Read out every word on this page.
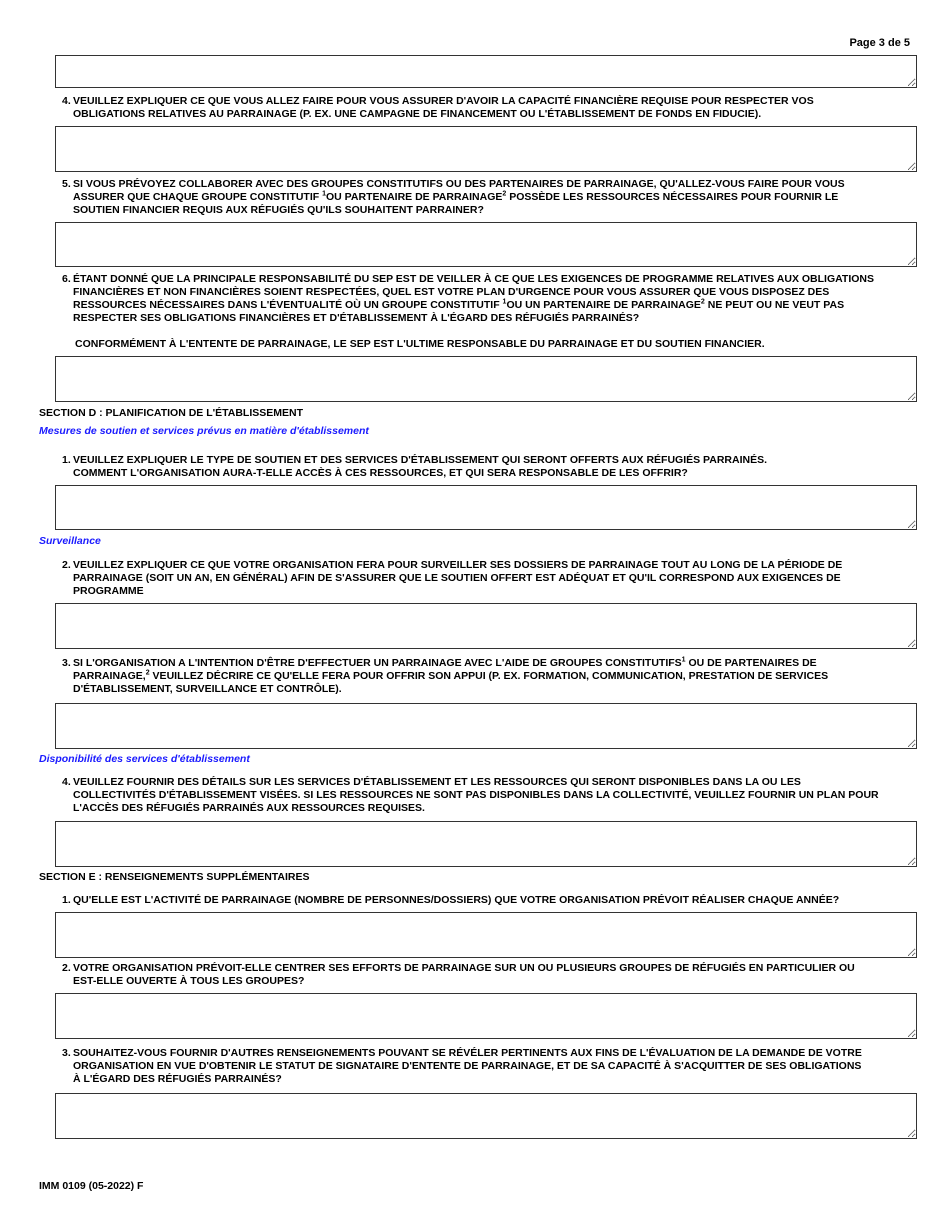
Page 3 de 5
4. VEUILLEZ EXPLIQUER CE QUE VOUS ALLEZ FAIRE POUR VOUS ASSURER D'AVOIR LA CAPACITÉ FINANCIÈRE REQUISE POUR RESPECTER VOS
OBLIGATIONS RELATIVES AU PARRAINAGE (P. EX. UNE CAMPAGNE DE FINANCEMENT OU L'ÉTABLISSEMENT DE FONDS EN FIDUCIE).
5. SI VOUS PRÉVOYEZ COLLABORER AVEC DES GROUPES CONSTITUTIFS OU DES PARTENAIRES DE PARRAINAGE, QU'ALLEZ-VOUS FAIRE POUR VOUS
ASSURER QUE CHAQUE GROUPE CONSTITUTIF $^1$OU PARTENAIRE DE PARRAINAGE$^2$ POSSÈDE LES RESSOURCES NÉCESSAIRES POUR FOURNIR LE
SOUTIEN FINANCIER REQUIS AUX RÉFUGIÉS QU'ILS SOUHAITENT PARRAINER?
6. ÉTANT DONNÉ QUE LA PRINCIPALE RESPONSABILITÉ DU SEP EST DE VEILLER À CE QUE LES EXIGENCES DE PROGRAMME RELATIVES AUX OBLIGATIONS
FINANCIÈRES ET NON FINANCIÈRES SOIENT RESPECTÉES, QUEL EST VOTRE PLAN D'URGENCE POUR VOUS ASSURER QUE VOUS DISPOSEZ DES
RESSOURCES NÉCESSAIRES DANS L'ÉVENTUALITÉ OÙ UN GROUPE CONSTITUTIF $^1$OU UN PARTENAIRE DE PARRAINAGE$^2$ NE PEUT OU NE VEUT PAS
RESPECTER SES OBLIGATIONS FINANCIÈRES ET D'ÉTABLISSEMENT À L'ÉGARD DES RÉFUGIÉS PARRAINÉS?
CONFORMÉMENT À L'ENTENTE DE PARRAINAGE, LE SEP EST L'ULTIME RESPONSABLE DU PARRAINAGE ET DU SOUTIEN FINANCIER.
SECTION D : PLANIFICATION DE L'ÉTABLISSEMENT
Mesures de soutien et services prévus en matière d'établissement
1. VEUILLEZ EXPLIQUER LE TYPE DE SOUTIEN ET DES SERVICES D'ÉTABLISSEMENT QUI SERONT OFFERTS AUX RÉFUGIÉS PARRAINÉS.
COMMENT L'ORGANISATION AURA-T-ELLE ACCÈS À CES RESSOURCES, ET QUI SERA RESPONSABLE DE LES OFFRIR?
Surveillance
2. VEUILLEZ EXPLIQUER CE QUE VOTRE ORGANISATION FERA POUR SURVEILLER SES DOSSIERS DE PARRAINAGE TOUT AU LONG DE LA PÉRIODE DE
PARRAINAGE (SOIT UN AN, EN GÉNÉRAL) AFIN DE S'ASSURER QUE LE SOUTIEN OFFERT EST ADÉQUAT ET QU'IL CORRESPOND AUX EXIGENCES DE
PROGRAMME
3. SI L'ORGANISATION A L'INTENTION D'ÊTRE D'EFFECTUER UN PARRAINAGE AVEC L'AIDE DE GROUPES CONSTITUTIFS$^1$ OU DE PARTENAIRES DE
PARRAINAGE,$^2$ VEUILLEZ DÉCRIRE CE QU'ELLE FERA POUR OFFRIR SON APPUI (P. EX. FORMATION, COMMUNICATION, PRESTATION DE SERVICES
D'ÉTABLISSEMENT, SURVEILLANCE ET CONTRÔLE).
Disponibilité des services d'établissement
4. VEUILLEZ FOURNIR DES DÉTAILS SUR LES SERVICES D'ÉTABLISSEMENT ET LES RESSOURCES QUI SERONT DISPONIBLES DANS LA OU LES
COLLECTIVITÉS D'ÉTABLISSEMENT VISÉES. SI LES RESSOURCES NE SONT PAS DISPONIBLES DANS LA COLLECTIVITÉ, VEUILLEZ FOURNIR UN PLAN POUR
L'ACCÈS DES RÉFUGIÉS PARRAINÉS AUX RESSOURCES REQUISES.
SECTION E : RENSEIGNEMENTS SUPPLÉMENTAIRES
1. QU'ELLE EST L'ACTIVITÉ DE PARRAINAGE (NOMBRE DE PERSONNES/DOSSIERS) QUE VOTRE ORGANISATION PRÉVOIT RÉALISER CHAQUE ANNÉE?
2. VOTRE ORGANISATION PRÉVOIT-ELLE CENTRER SES EFFORTS DE PARRAINAGE SUR UN OU PLUSIEURS GROUPES DE RÉFUGIÉS EN PARTICULIER OU
EST-ELLE OUVERTE À TOUS LES GROUPES?
3. SOUHAITEZ-VOUS FOURNIR D'AUTRES RENSEIGNEMENTS POUVANT SE RÉVÉLER PERTINENTS AUX FINS DE L'ÉVALUATION DE LA DEMANDE DE VOTRE
ORGANISATION EN VUE D'OBTENIR LE STATUT DE SIGNATAIRE D'ENTENTE DE PARRAINAGE, ET DE SA CAPACITÉ À S'ACQUITTER DE SES OBLIGATIONS
À L'ÉGARD DES RÉFUGIÉS PARRAINÉS?
IMM 0109 (05-2022) F
